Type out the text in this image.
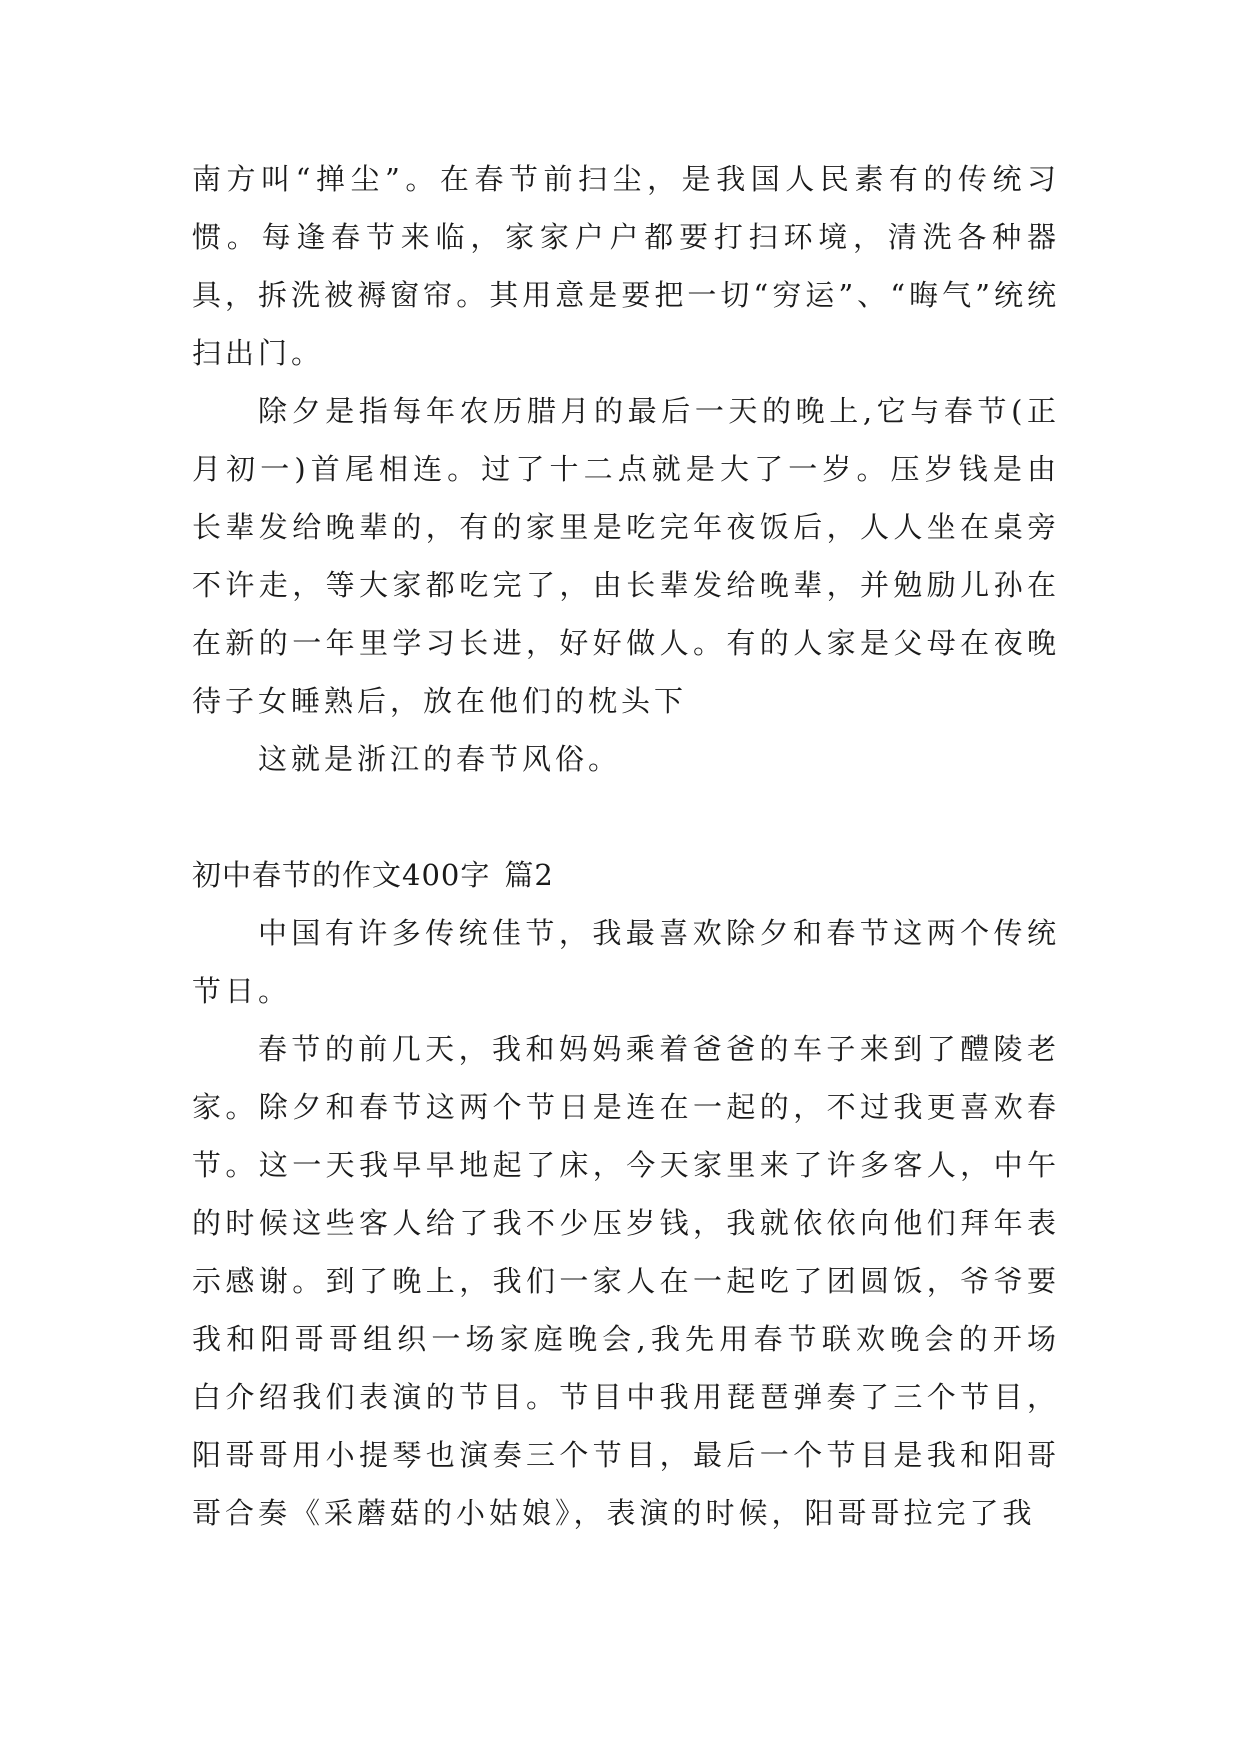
南方叫“掸尘”。在春节前扫尘，是我国人民素有的传统习惯。每逢春节来临，家家户户都要打扫环境，清洗各种器具，拆洗被褥窗帘。其用意是要把一切“穷运”、“晦气”统统扫出门。

除夕是指每年农历腊月的最后一天的晚上,它与春节(正月初一)首尾相连。过了十二点就是大了一岁。压岁钱是由长辈发给晚辈的，有的家里是吃完年夜饭后，人人坐在桌旁不许走，等大家都吃完了，由长辈发给晚辈，并勉励儿孙在在新的一年里学习长进，好好做人。有的人家是父母在夜晚待子女睡熟后，放在他们的枕头下

这就是浙江的春节风俗。

初中春节的作文400字 篇2

中国有许多传统佳节，我最喜欢除夕和春节这两个传统节日。

春节的前几天，我和妈妈乘着爸爸的车子来到了醴陵老家。除夕和春节这两个节日是连在一起的，不过我更喜欢春节。这一天我早早地起了床，今天家里来了许多客人，中午的时候这些客人给了我不少压岁钱，我就依依向他们拜年表示感谢。到了晚上，我们一家人在一起吃了团圆饭，爷爷要我和阳哥哥组织一场家庭晚会,我先用春节联欢晚会的开场白介绍我们表演的节目。节目中我用琵琶弹奏了三个节目，阳哥哥用小提琴也演奏三个节目，最后一个节目是我和阳哥哥合奏《采蘑菇的小姑娘》，表演的时候，阳哥哥拉完了我
